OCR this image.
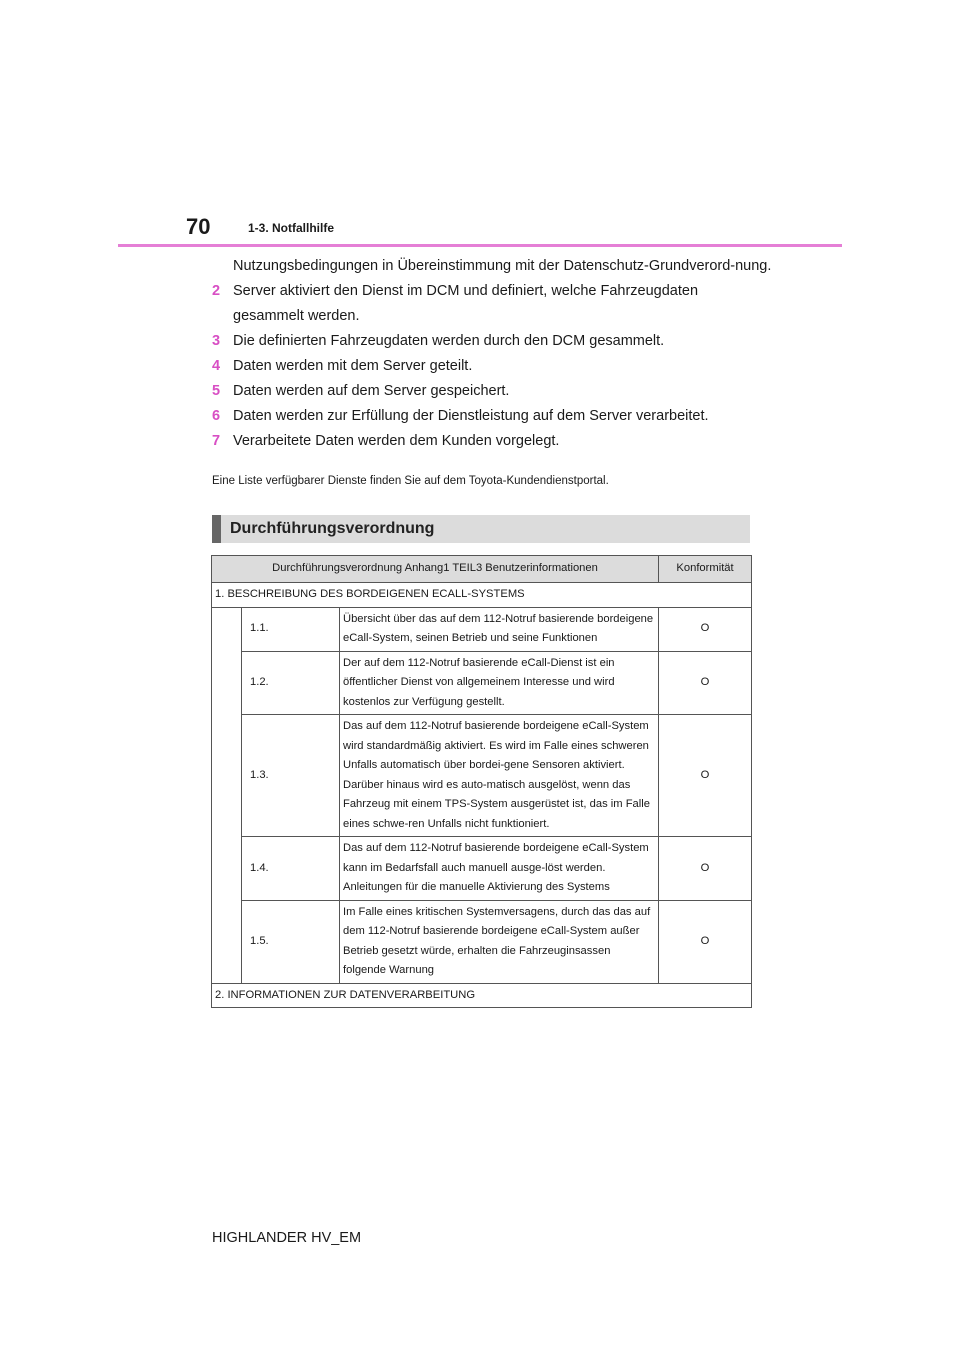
70	1-3. Notfallhilfe
Nutzungsbedingungen in Übereinstimmung mit der Datenschutz-Grundverord-nung.
2 Server aktiviert den Dienst im DCM und definiert, welche Fahrzeugdaten gesammelt werden.
3 Die definierten Fahrzeugdaten werden durch den DCM gesammelt.
4 Daten werden mit dem Server geteilt.
5 Daten werden auf dem Server gespeichert.
6 Daten werden zur Erfüllung der Dienstleistung auf dem Server verarbeitet.
7 Verarbeitete Daten werden dem Kunden vorgelegt.
Eine Liste verfügbarer Dienste finden Sie auf dem Toyota-Kundendienstportal.
Durchführungsverordnung
Durchführungsverordnung Anhang1 TEIL3 Benutzerinformationen			Konformität
1. BESCHREIBUNG DES BORDEIGENEN ECALL-SYSTEMS			
	1.1.	Übersicht über das auf dem 112-Notruf basierende bordeigene eCall-System, seinen Betrieb und seine Funktionen	O
	1.2.	Der auf dem 112-Notruf basierende eCall-Dienst ist ein öffentlicher Dienst von allgemeinem Interesse und wird kostenlos zur Verfügung gestellt.	O
	1.3.	Das auf dem 112-Notruf basierende bordeigene eCall-System wird standardmäßig aktiviert. Es wird im Falle eines schweren Unfalls automatisch über bordei-gene Sensoren aktiviert. Darüber hinaus wird es auto-matisch ausgelöst, wenn das Fahrzeug mit einem TPS-System ausgerüstet ist, das im Falle eines schwe-ren Unfalls nicht funktioniert.	O
	1.4.	Das auf dem 112-Notruf basierende bordeigene eCall-System kann im Bedarfsfall auch manuell ausge-löst werden. Anleitungen für die manuelle Aktivierung des Systems	O
	1.5.	Im Falle eines kritischen Systemversagens, durch das das auf dem 112-Notruf basierende bordeigene eCall-System außer Betrieb gesetzt würde, erhalten die Fahrzeuginsassen folgende Warnung	O
2. INFORMATIONEN ZUR DATENVERARBEITUNG			
HIGHLANDER HV_EM
